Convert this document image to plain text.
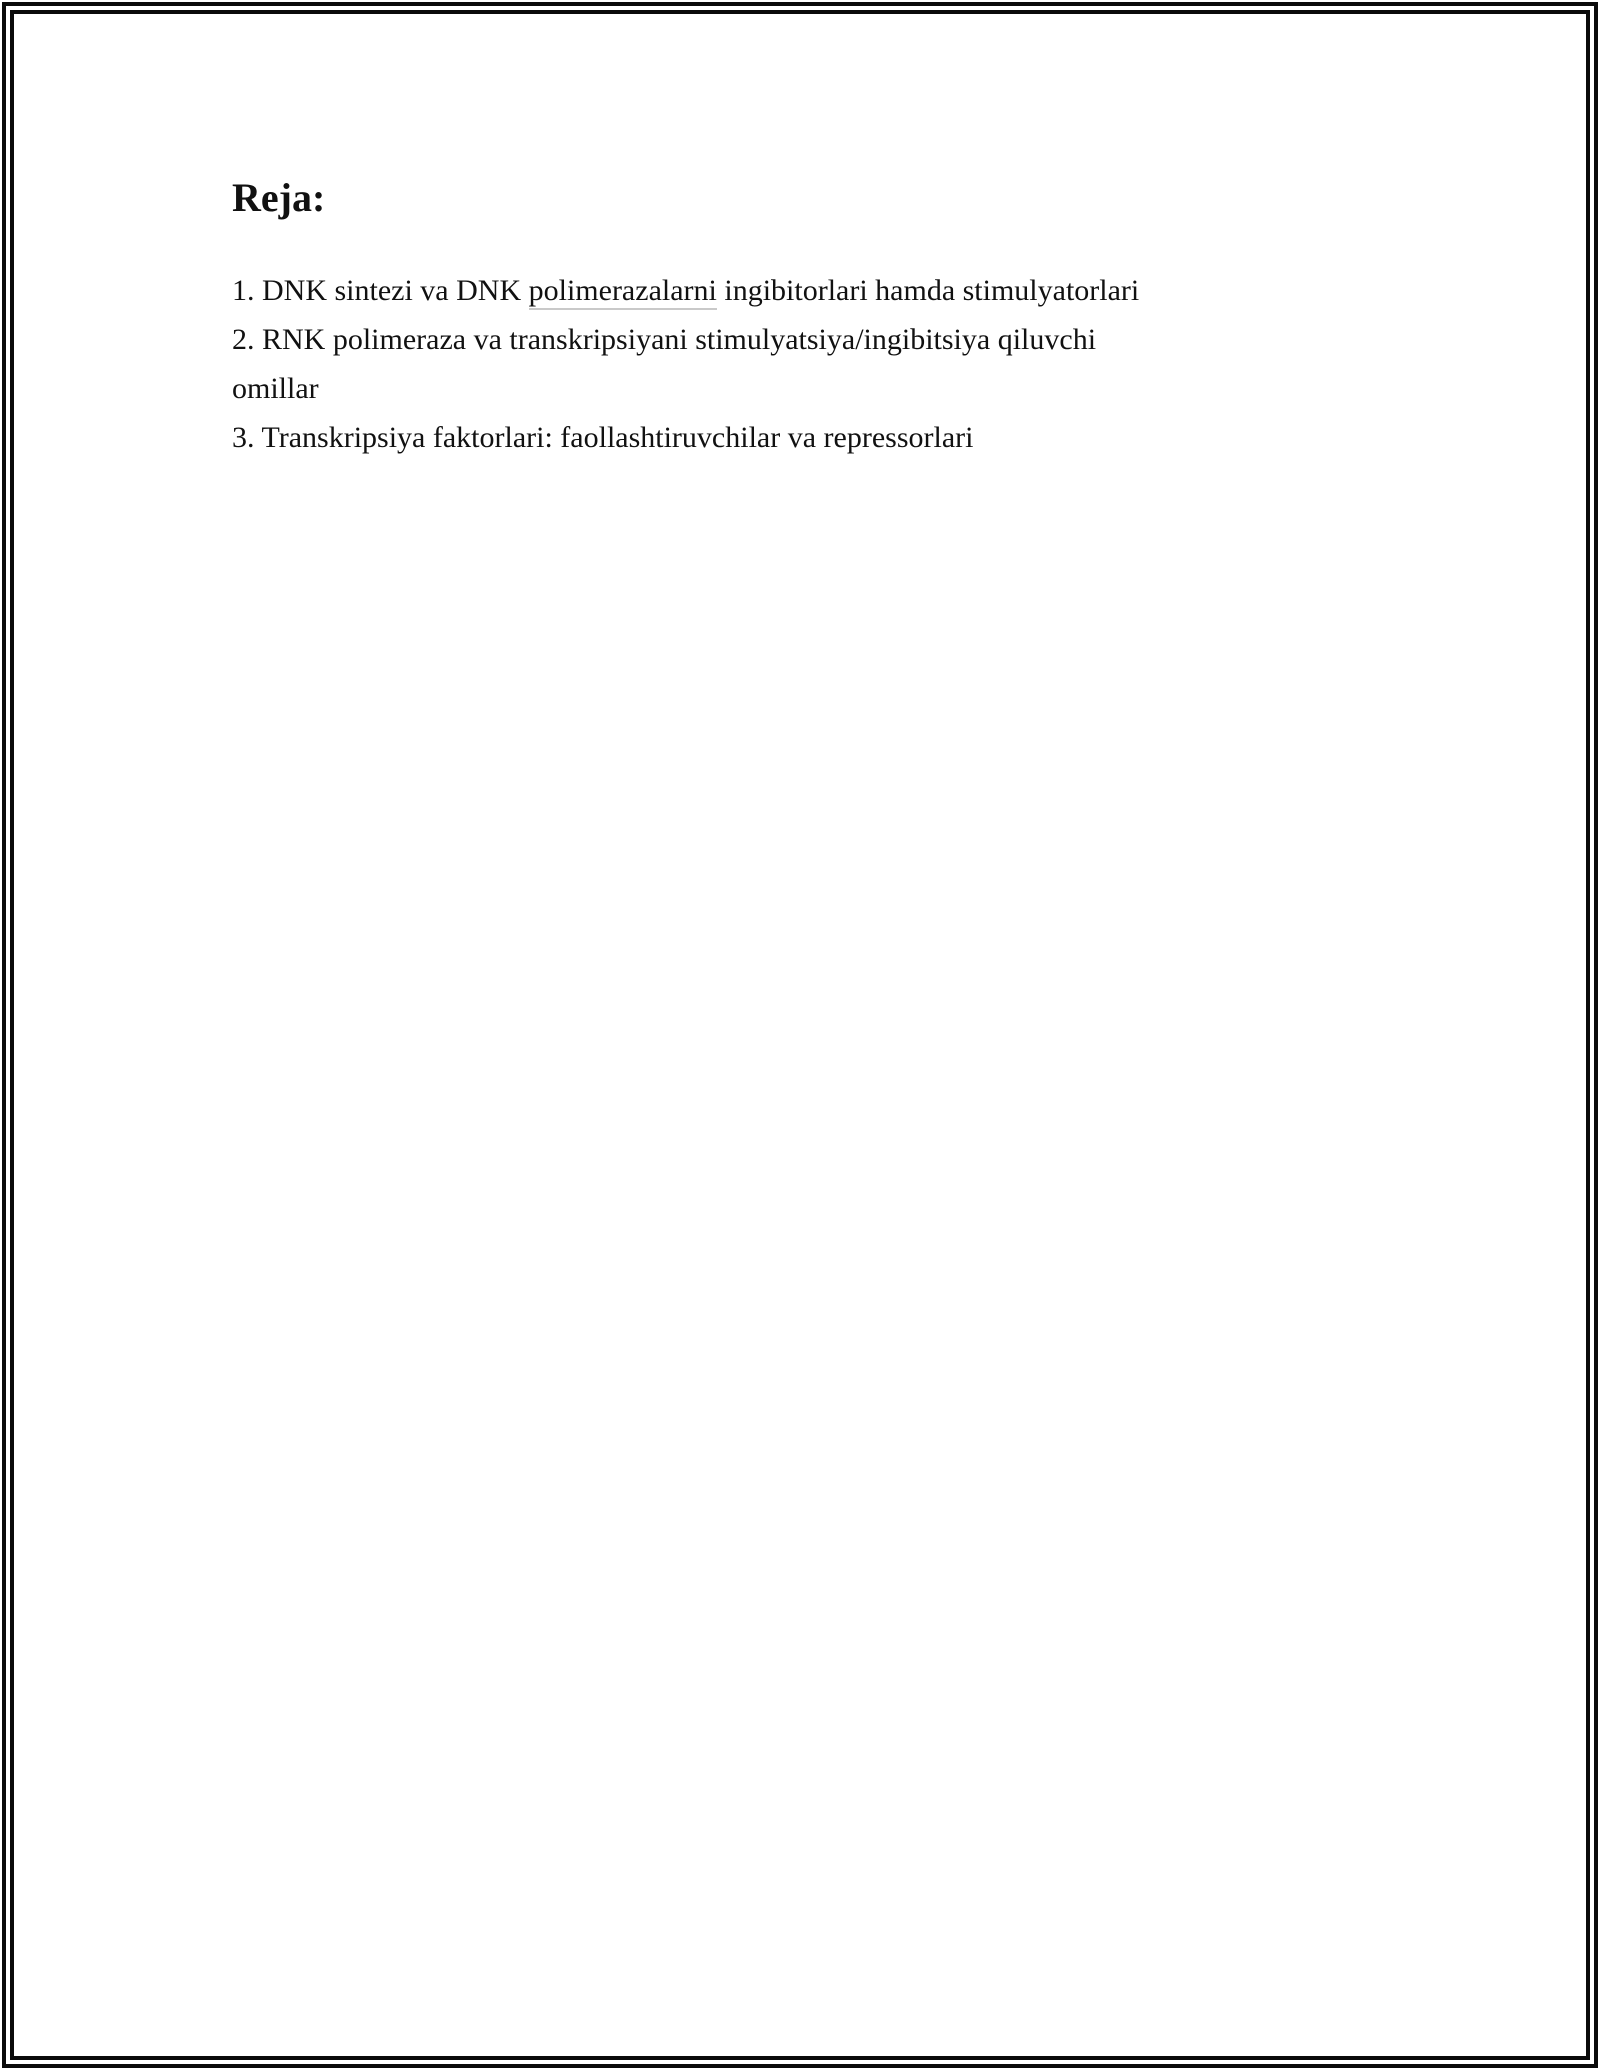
Reja:
1. DNK sintezi va DNK polimerazalarni ingibitorlari hamda stimulyatorlari
2. RNK polimeraza va transkripsiyani stimulyatsiya/ingibitsiya qiluvchi
omillar
3. Transkripsiya faktorlari: faollashtiruvchilar va repressorlari
